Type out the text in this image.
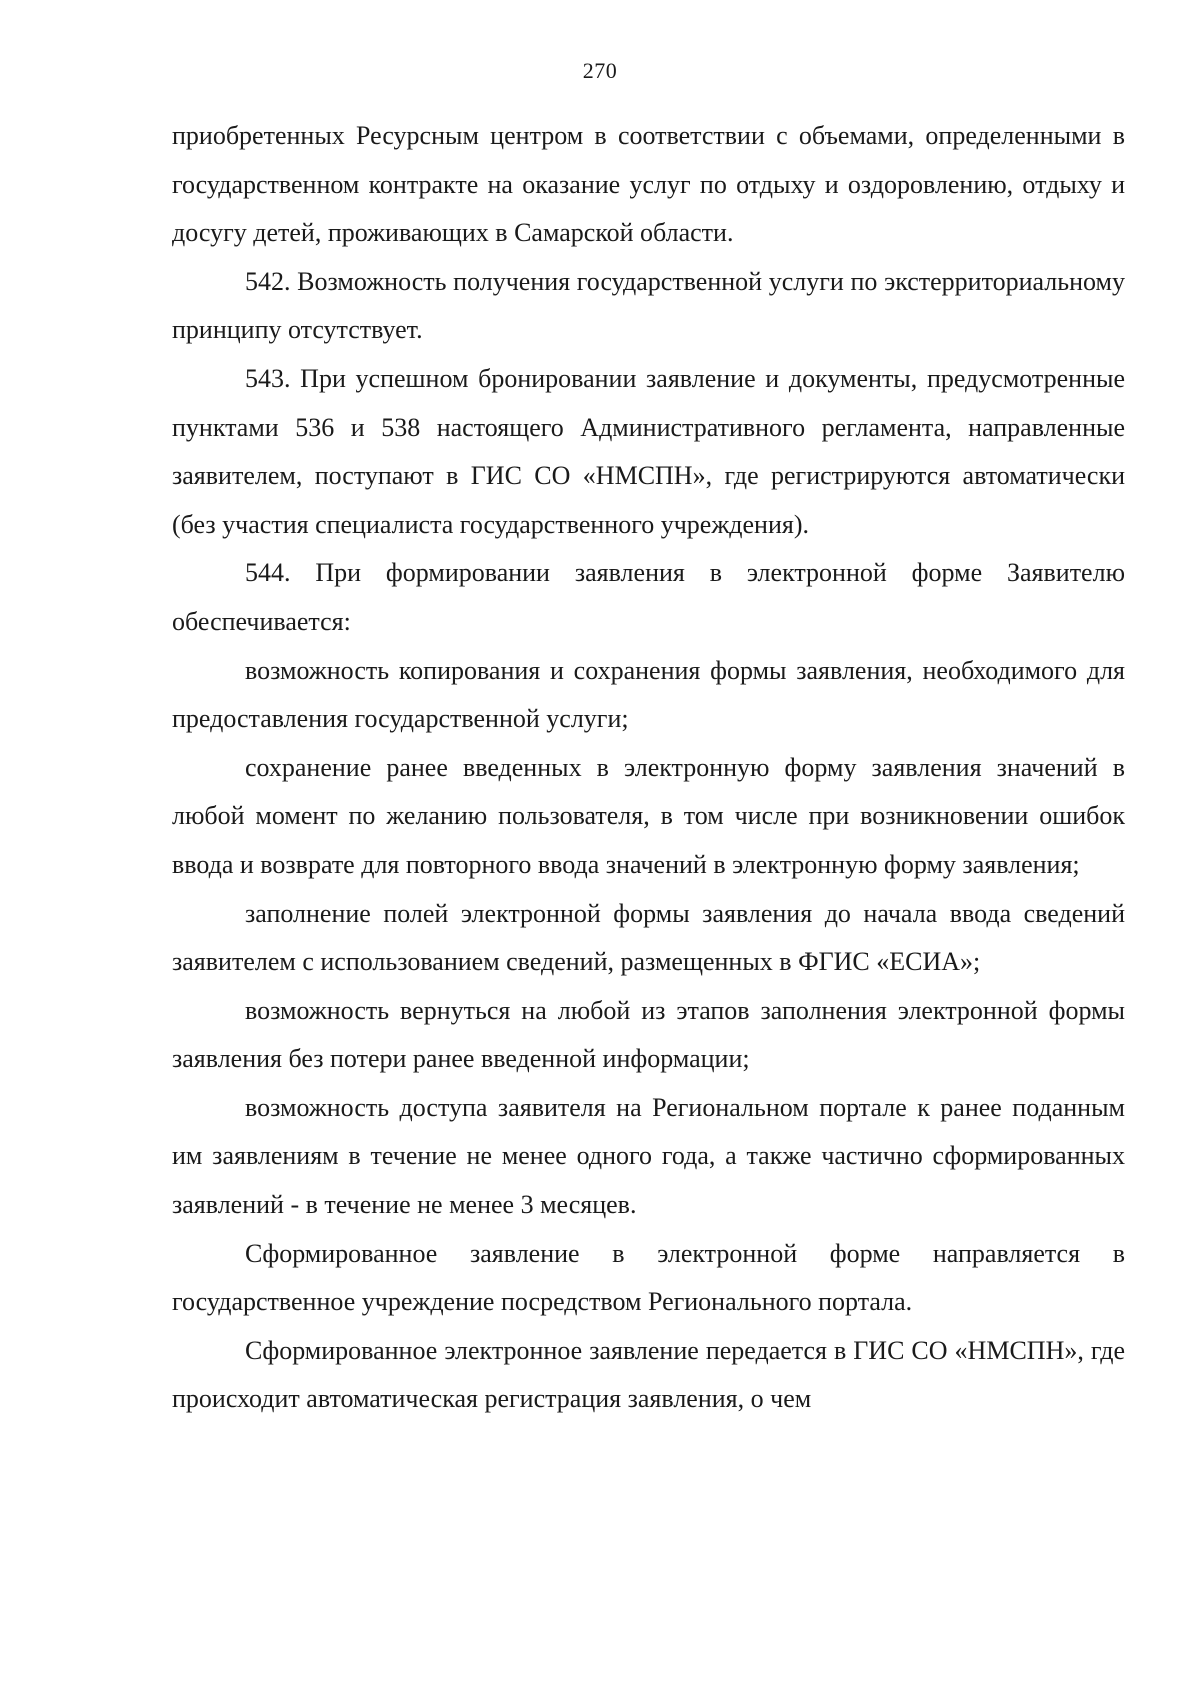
270

приобретенных Ресурсным центром в соответствии с объемами, определенными в государственном контракте на оказание услуг по отдыху и оздоровлению, отдыху и досугу детей, проживающих в Самарской области.

542. Возможность получения государственной услуги по экстерриториальному принципу отсутствует.

543. При успешном бронировании заявление и документы, предусмотренные пунктами 536 и 538 настоящего Административного регламента, направленные заявителем, поступают в ГИС СО «НМСПН», где регистрируются автоматически (без участия специалиста государственного учреждения).

544. При формировании заявления в электронной форме Заявителю обеспечивается:

возможность копирования и сохранения формы заявления, необходимого для предоставления государственной услуги;

сохранение ранее введенных в электронную форму заявления значений в любой момент по желанию пользователя, в том числе при возникновении ошибок ввода и возврате для повторного ввода значений в электронную форму заявления;

заполнение полей электронной формы заявления до начала ввода сведений заявителем с использованием сведений, размещенных в ФГИС «ЕСИА»;

возможность вернуться на любой из этапов заполнения электронной формы заявления без потери ранее введенной информации;

возможность доступа заявителя на Региональном портале к ранее поданным им заявлениям в течение не менее одного года, а также частично сформированных заявлений - в течение не менее 3 месяцев.

Сформированное заявление в электронной форме направляется в государственное учреждение посредством Регионального портала.

Сформированное электронное заявление передается в ГИС СО «НМСПН», где происходит автоматическая регистрация заявления, о чем
